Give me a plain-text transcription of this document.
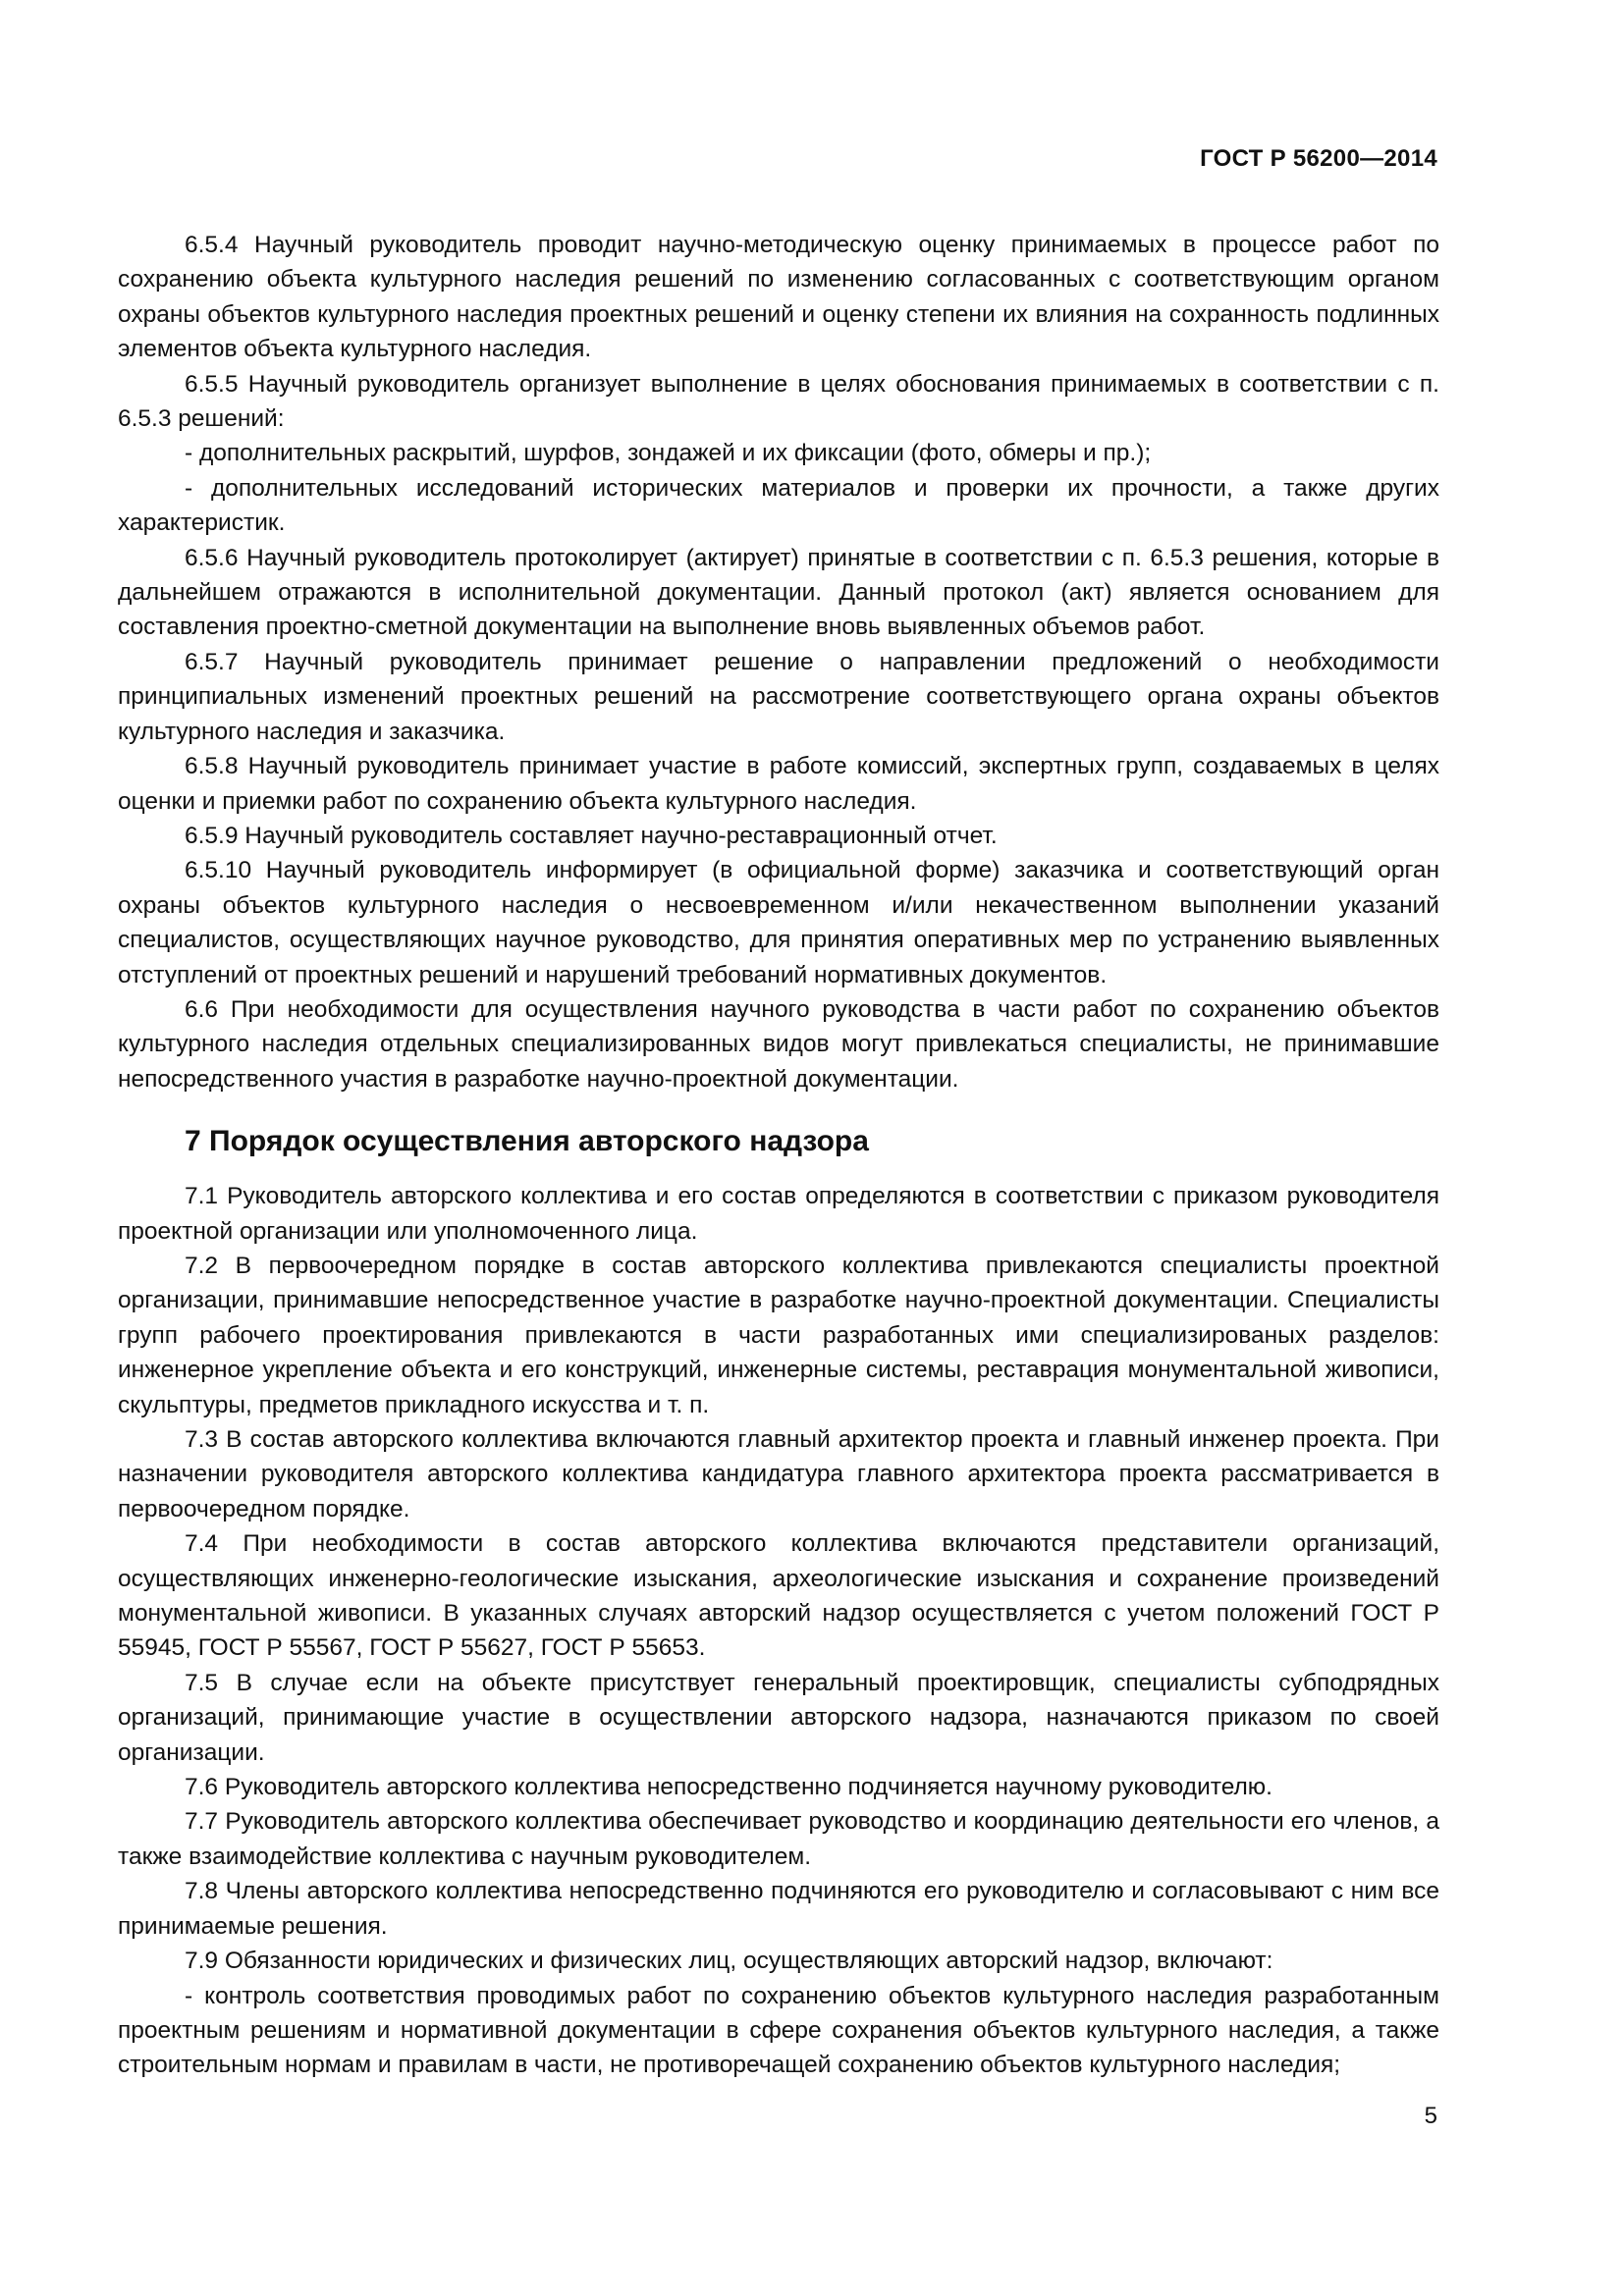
ГОСТ Р 56200—2014

6.5.4 Научный руководитель проводит научно-методическую оценку принимаемых в процессе работ по сохранению объекта культурного наследия решений по изменению согласованных с соответствующим органом охраны объектов культурного наследия проектных решений и оценку степени их влияния на сохранность подлинных элементов объекта культурного наследия.

6.5.5 Научный руководитель организует выполнение в целях обоснования принимаемых в соответствии с п. 6.5.3 решений:

- дополнительных раскрытий, шурфов, зондажей и их фиксации (фото, обмеры и пр.);

- дополнительных исследований исторических материалов и проверки их прочности, а также других характеристик.

6.5.6 Научный руководитель протоколирует (актирует) принятые в соответствии с п. 6.5.3 решения, которые в дальнейшем отражаются в исполнительной документации. Данный протокол (акт) является основанием для составления проектно-сметной документации на выполнение вновь выявленных объемов работ.

6.5.7 Научный руководитель принимает решение о направлении предложений о необходимости принципиальных изменений проектных решений на рассмотрение соответствующего органа охраны объектов культурного наследия и заказчика.

6.5.8 Научный руководитель принимает участие в работе комиссий, экспертных групп, создаваемых в целях оценки и приемки работ по сохранению объекта культурного наследия.

6.5.9 Научный руководитель составляет научно-реставрационный отчет.

6.5.10 Научный руководитель информирует (в официальной форме) заказчика и соответствующий орган охраны объектов культурного наследия о несвоевременном и/или некачественном выполнении указаний специалистов, осуществляющих научное руководство, для принятия оперативных мер по устранению выявленных отступлений от проектных решений и нарушений требований нормативных документов.

6.6 При необходимости для осуществления научного руководства в части работ по сохранению объектов культурного наследия отдельных специализированных видов могут привлекаться специалисты, не принимавшие непосредственного участия в разработке научно-проектной документации.

7 Порядок осуществления авторского надзора

7.1 Руководитель авторского коллектива и его состав определяются в соответствии с приказом руководителя проектной организации или уполномоченного лица.

7.2 В первоочередном порядке в состав авторского коллектива привлекаются специалисты проектной организации, принимавшие непосредственное участие в разработке научно-проектной документации. Специалисты групп рабочего проектирования привлекаются в части разработанных ими специализированых разделов: инженерное укрепление объекта и его конструкций, инженерные системы, реставрация монументальной живописи, скульптуры, предметов прикладного искусства и т. п.

7.3 В состав авторского коллектива включаются главный архитектор проекта и главный инженер проекта. При назначении руководителя авторского коллектива кандидатура главного архитектора проекта рассматривается в первоочередном порядке.

7.4 При необходимости в состав авторского коллектива включаются представители организаций, осуществляющих инженерно-геологические изыскания, археологические изыскания и сохранение произведений монументальной живописи. В указанных случаях авторский надзор осуществляется с учетом положений ГОСТ Р 55945, ГОСТ Р 55567, ГОСТ Р 55627, ГОСТ Р 55653.

7.5 В случае если на объекте присутствует генеральный проектировщик, специалисты субподрядных организаций, принимающие участие в осуществлении авторского надзора, назначаются приказом по своей организации.

7.6 Руководитель авторского коллектива непосредственно подчиняется научному руководителю.

7.7 Руководитель авторского коллектива обеспечивает руководство и координацию деятельности его членов, а также взаимодействие коллектива с научным руководителем.

7.8 Члены авторского коллектива непосредственно подчиняются его руководителю и согласовывают с ним все принимаемые решения.

7.9 Обязанности юридических и физических лиц, осуществляющих авторский надзор, включают:

- контроль соответствия проводимых работ по сохранению объектов культурного наследия разработанным проектным решениям и нормативной документации в сфере сохранения объектов культурного наследия, а также строительным нормам и правилам в части, не противоречащей сохранению объектов культурного наследия;

5
